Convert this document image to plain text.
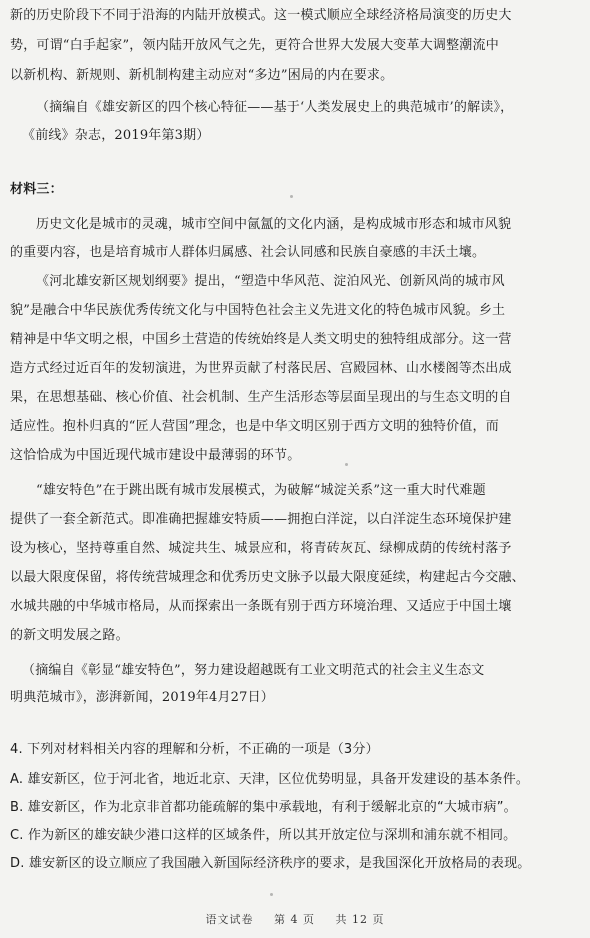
新的历史阶段下不同于沿海的内陆开放模式。这一模式顺应全球经济格局演变的历史大
势，可谓“白手起家”，领内陆开放风气之先，更符合世界大发展大变革大调整潮流中
以新机构、新规则、新机制构建主动应对“多边”困局的内在要求。
（摘编自《雄安新区的四个核心特征——基于‘人类发展史上的典范城市’的解读》，
《前线》杂志，2019年第3期）
材料三：
历史文化是城市的灵魂，城市空间中氤氲的文化内涵，是构成城市形态和城市风貌
的重要内容，也是培育城市人群体归属感、社会认同感和民族自豪感的丰沃土壤。
《河北雄安新区规划纲要》提出，“塑造中华风范、淀泊风光、创新风尚的城市风
貌”是融合中华民族优秀传统文化与中国特色社会主义先进文化的特色城市风貌。乡土
精神是中华文明之根，中国乡土营造的传统始终是人类文明史的独特组成部分。这一营
造方式经过近百年的发轫演进，为世界贡献了村落民居、宫殿园林、山水楼阁等杰出成
果，在思想基础、核心价值、社会机制、生产生活形态等层面呈现出的与生态文明的自
适应性。抱朴归真的“匠人营国”理念，也是中华文明区别于西方文明的独特价值，而
这恰恰成为中国近现代城市建设中最薄弱的环节。
“雄安特色”在于跳出既有城市发展模式，为破解“城淀关系”这一重大时代难题
提供了一套全新范式。即准确把握雄安特质——拥抱白洋淀，以白洋淀生态环境保护建
设为核心，坚持尊重自然、城淀共生、城景应和，将青砖灰瓦、绿柳成荫的传统村落予
以最大限度保留，将传统营城理念和优秀历史文脉予以最大限度延续，构建起古今交融、
水城共融的中华城市格局，从而探索出一条既有别于西方环境治理、又适应于中国土壤
的新文明发展之路。
（摘编自《彰显“雄安特色”，努力建设超越既有工业文明范式的社会主义生态文
明典范城市》，澎湃新闻，2019年4月27日）
4. 下列对材料相关内容的理解和分析，不正确的一项是（3分）
A. 雄安新区，位于河北省，地近北京、天津，区位优势明显，具备开发建设的基本条件。
B. 雄安新区，作为北京非首都功能疏解的集中承载地，有利于缓解北京的“大城市病”。
C. 作为新区的雄安缺少港口这样的区域条件，所以其开放定位与深圳和浦东就不相同。
D. 雄安新区的设立顺应了我国融入新国际经济秩序的要求，是我国深化开放格局的表现。
语文试卷 第 4 页 共 12 页
